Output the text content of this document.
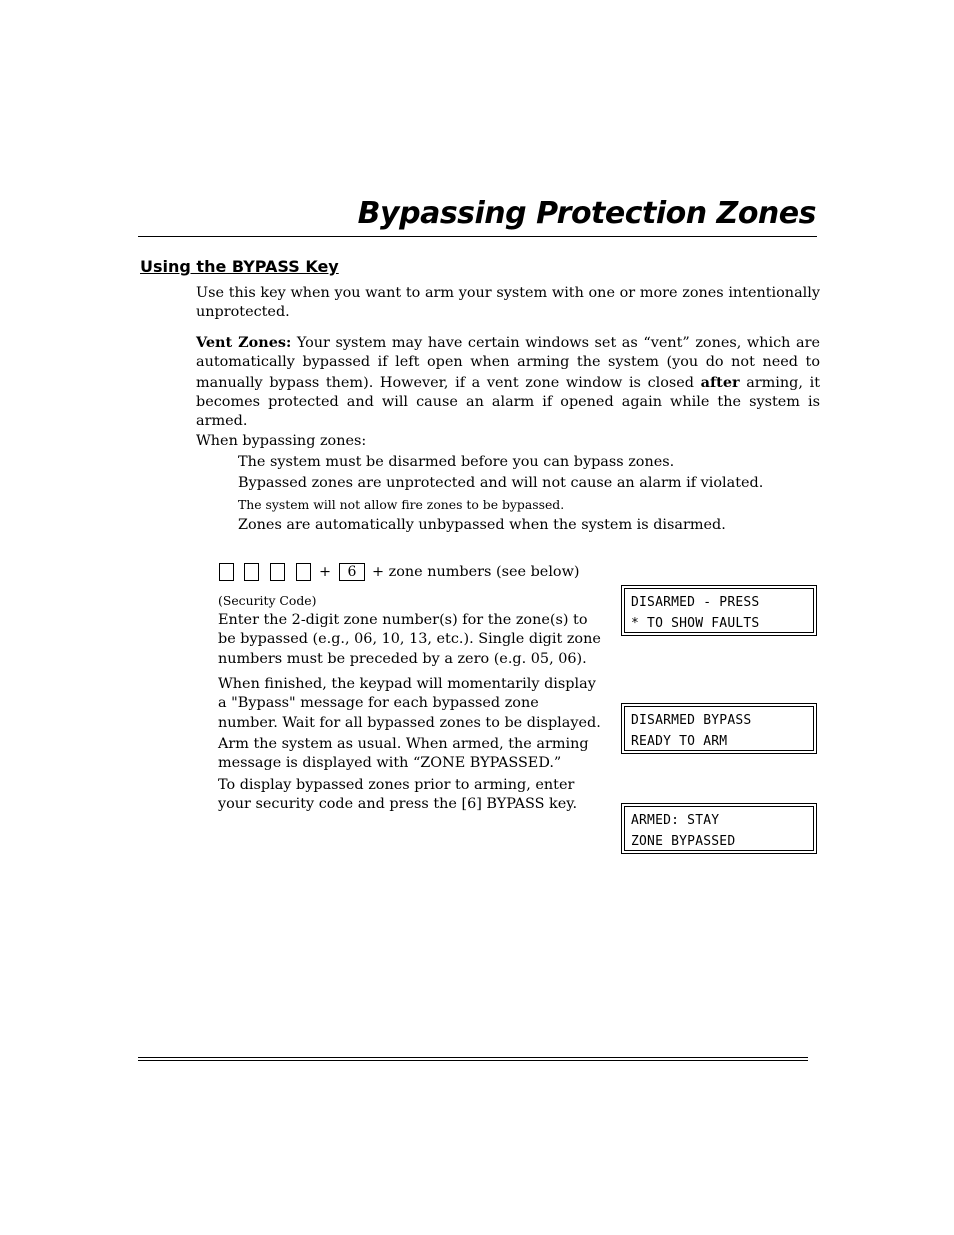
Bypassing Protection Zones
Using the BYPASS Key

Use this key when you want to arm your system with one or more zones intentionally unprotected.

Vent Zones: Your system may have certain windows set as “vent” zones, which are automatically bypassed if left open when arming the system (you do not need to manually bypass them). However, if a vent zone window is closed after arming, it becomes protected and will cause an alarm if opened again while the system is armed.

When bypassing zones:
The system must be disarmed before you can bypass zones.
Bypassed zones are unprotected and will not cause an alarm if violated.
The system will not allow fire zones to be bypassed.
Zones are automatically unbypassed when the system is disarmed.
+	6	+ zone numbers (see below)
(Security Code)

Enter the 2-digit zone number(s) for the zone(s) to be bypassed (e.g., 06, 10, 13, etc.). Single digit zone numbers must be preceded by a zero (e.g. 05, 06).

When finished, the keypad will momentarily display a "Bypass" message for each bypassed zone number. Wait for all bypassed zones to be displayed.

Arm the system as usual. When armed, the arming message is displayed with “ZONE BYPASSED.”

To display bypassed zones prior to arming, enter your security code and press the [6] BYPASS key.

DISARMED - PRESS
* TO SHOW FAULTS
DISARMED BYPASS
READY TO ARM
ARMED: STAY
ZONE BYPASSED
